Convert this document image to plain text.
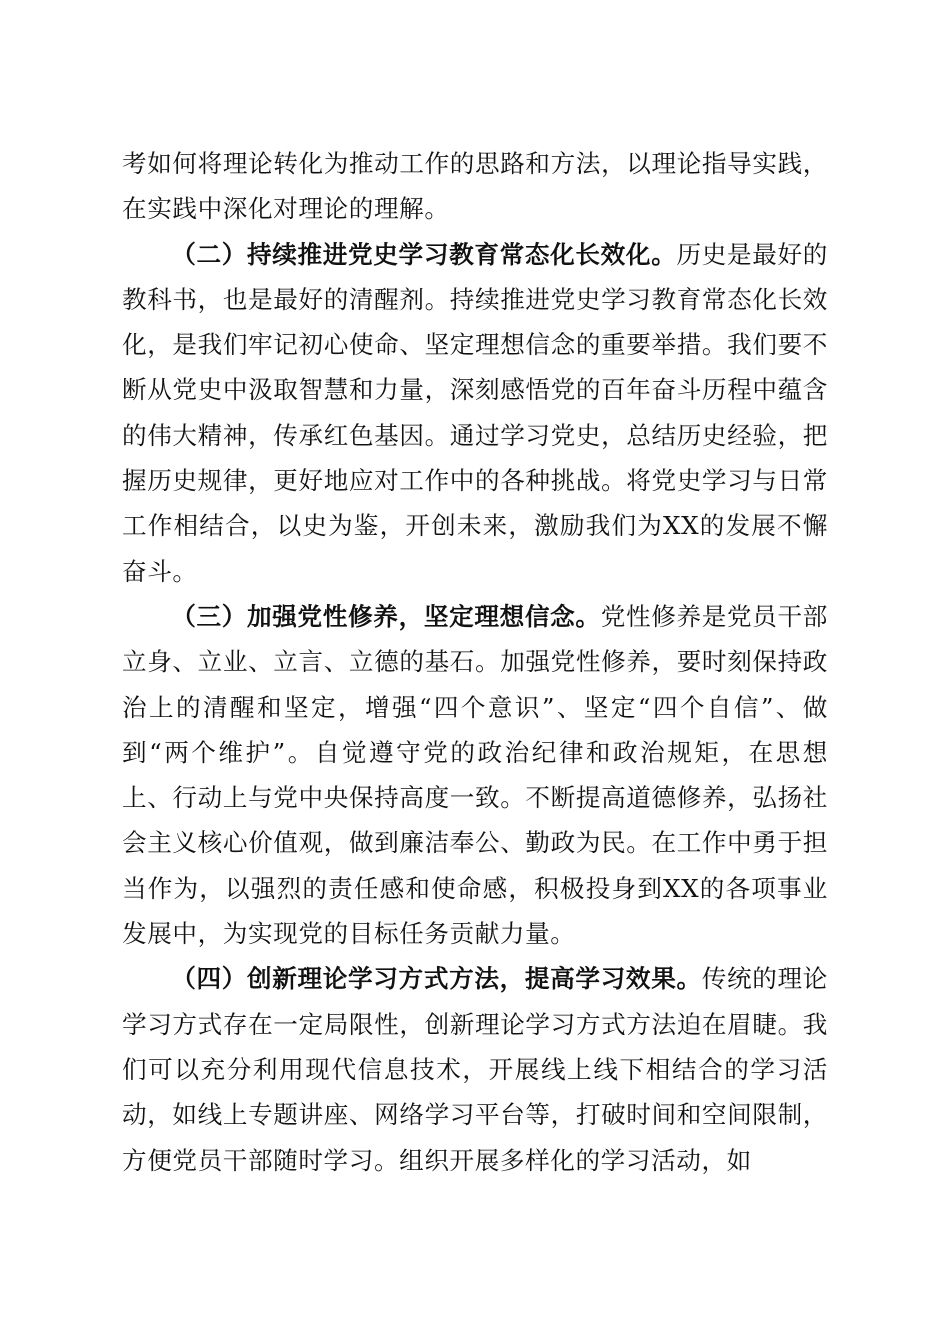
考如何将理论转化为推动工作的思路和方法，以理论指导实践，在实践中深化对理论的理解。

（二）持续推进党史学习教育常态化长效化。历史是最好的教科书，也是最好的清醒剂。持续推进党史学习教育常态化长效化，是我们牢记初心使命、坚定理想信念的重要举措。我们要不断从党史中汲取智慧和力量，深刻感悟党的百年奋斗历程中蕴含的伟大精神，传承红色基因。通过学习党史，总结历史经验，把握历史规律，更好地应对工作中的各种挑战。将党史学习与日常工作相结合，以史为鉴，开创未来，激励我们为XX的发展不懈奋斗。

（三）加强党性修养，坚定理想信念。党性修养是党员干部立身、立业、立言、立德的基石。加强党性修养，要时刻保持政治上的清醒和坚定，增强“四个意识”、坚定“四个自信”、做到“两个维护”。自觉遵守党的政治纪律和政治规矩，在思想上、行动上与党中央保持高度一致。不断提高道德修养，弘扬社会主义核心价值观，做到廉洁奉公、勤政为民。在工作中勇于担当作为，以强烈的责任感和使命感，积极投身到XX的各项事业发展中，为实现党的目标任务贡献力量。

（四）创新理论学习方式方法，提高学习效果。传统的理论学习方式存在一定局限性，创新理论学习方式方法迫在眉睫。我们可以充分利用现代信息技术，开展线上线下相结合的学习活动，如线上专题讲座、网络学习平台等，打破时间和空间限制，方便党员干部随时学习。组织开展多样化的学习活动，如
